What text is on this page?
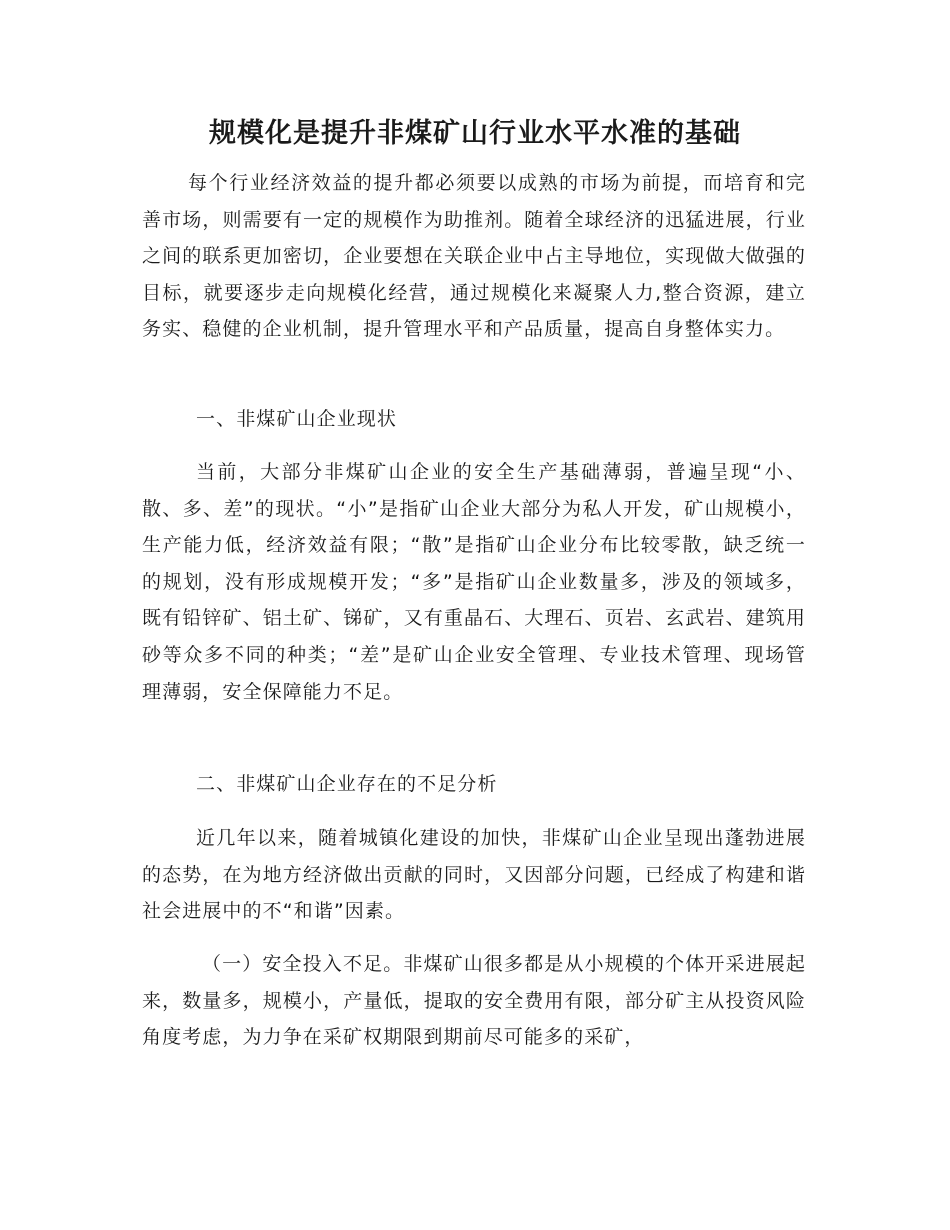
规模化是提升非煤矿山行业水平水准的基础

每个行业经济效益的提升都必须要以成熟的市场为前提，而培育和完善市场，则需要有一定的规模作为助推剂。随着全球经济的迅猛进展，行业之间的联系更加密切，企业要想在关联企业中占主导地位，实现做大做强的目标，就要逐步走向规模化经营，通过规模化来凝聚人力,整合资源，建立务实、稳健的企业机制，提升管理水平和产品质量，提高自身整体实力。

一、非煤矿山企业现状

当前，大部分非煤矿山企业的安全生产基础薄弱，普遍呈现“小、散、多、差”的现状。“小”是指矿山企业大部分为私人开发，矿山规模小，生产能力低，经济效益有限；“散”是指矿山企业分布比较零散，缺乏统一的规划，没有形成规模开发；“多”是指矿山企业数量多，涉及的领域多，既有铅锌矿、铝土矿、锑矿，又有重晶石、大理石、页岩、玄武岩、建筑用砂等众多不同的种类；“差”是矿山企业安全管理、专业技术管理、现场管理薄弱，安全保障能力不足。

二、非煤矿山企业存在的不足分析

近几年以来，随着城镇化建设的加快，非煤矿山企业呈现出蓬勃进展的态势，在为地方经济做出贡献的同时，又因部分问题，已经成了构建和谐社会进展中的不“和谐”因素。

（一）安全投入不足。非煤矿山很多都是从小规模的个体开采进展起来，数量多，规模小，产量低，提取的安全费用有限，部分矿主从投资风险角度考虑，为力争在采矿权期限到期前尽可能多的采矿，
